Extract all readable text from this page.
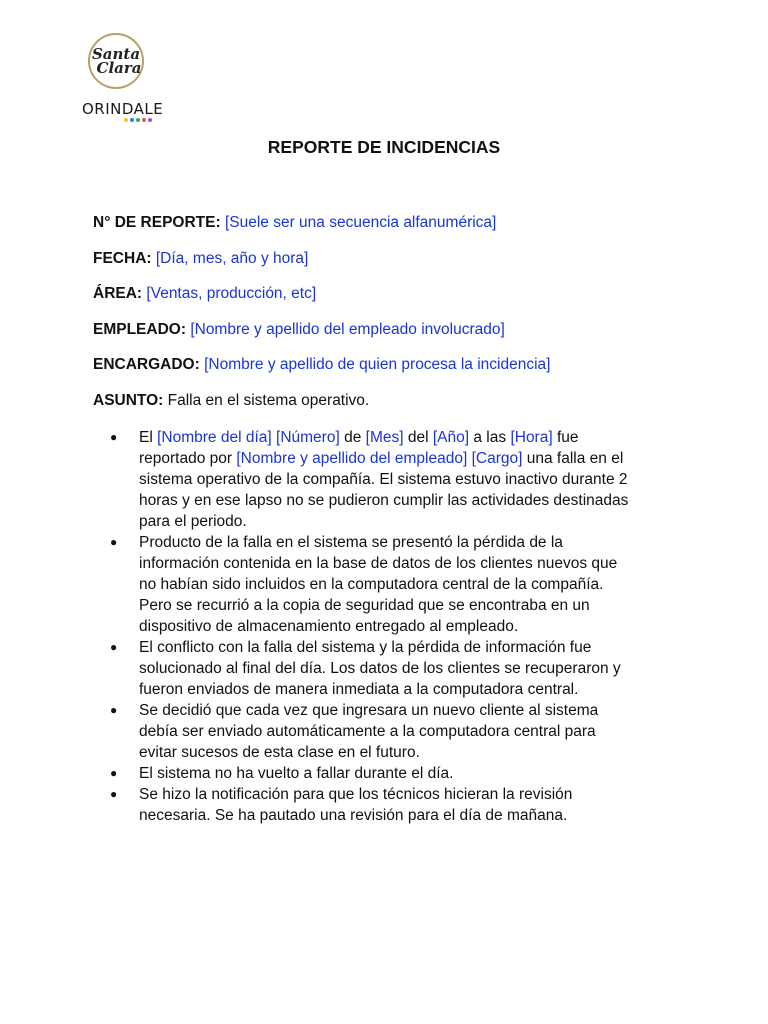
Santa
Clara
ORINDALE
REPORTE DE INCIDENCIAS
N° DE REPORTE: [Suele ser una secuencia alfanumérica]
FECHA: [Día, mes, año y hora]
ÁREA: [Ventas, producción, etc]
EMPLEADO: [Nombre y apellido del empleado involucrado]
ENCARGADO: [Nombre y apellido de quien procesa la incidencia]
ASUNTO: Falla en el sistema operativo.
● El [Nombre del día] [Número] de [Mes] del [Año] a las [Hora] fue
reportado por [Nombre y apellido del empleado] [Cargo] una falla en el
sistema operativo de la compañía. El sistema estuvo inactivo durante 2
horas y en ese lapso no se pudieron cumplir las actividades destinadas
para el periodo.
● Producto de la falla en el sistema se presentó la pérdida de la
información contenida en la base de datos de los clientes nuevos que
no habían sido incluidos en la computadora central de la compañía.
Pero se recurrió a la copia de seguridad que se encontraba en un
dispositivo de almacenamiento entregado al empleado.
● El conflicto con la falla del sistema y la pérdida de información fue
solucionado al final del día. Los datos de los clientes se recuperaron y
fueron enviados de manera inmediata a la computadora central.
● Se decidió que cada vez que ingresara un nuevo cliente al sistema
debía ser enviado automáticamente a la computadora central para
evitar sucesos de esta clase en el futuro.
● El sistema no ha vuelto a fallar durante el día.
● Se hizo la notificación para que los técnicos hicieran la revisión
necesaria. Se ha pautado una revisión para el día de mañana.
